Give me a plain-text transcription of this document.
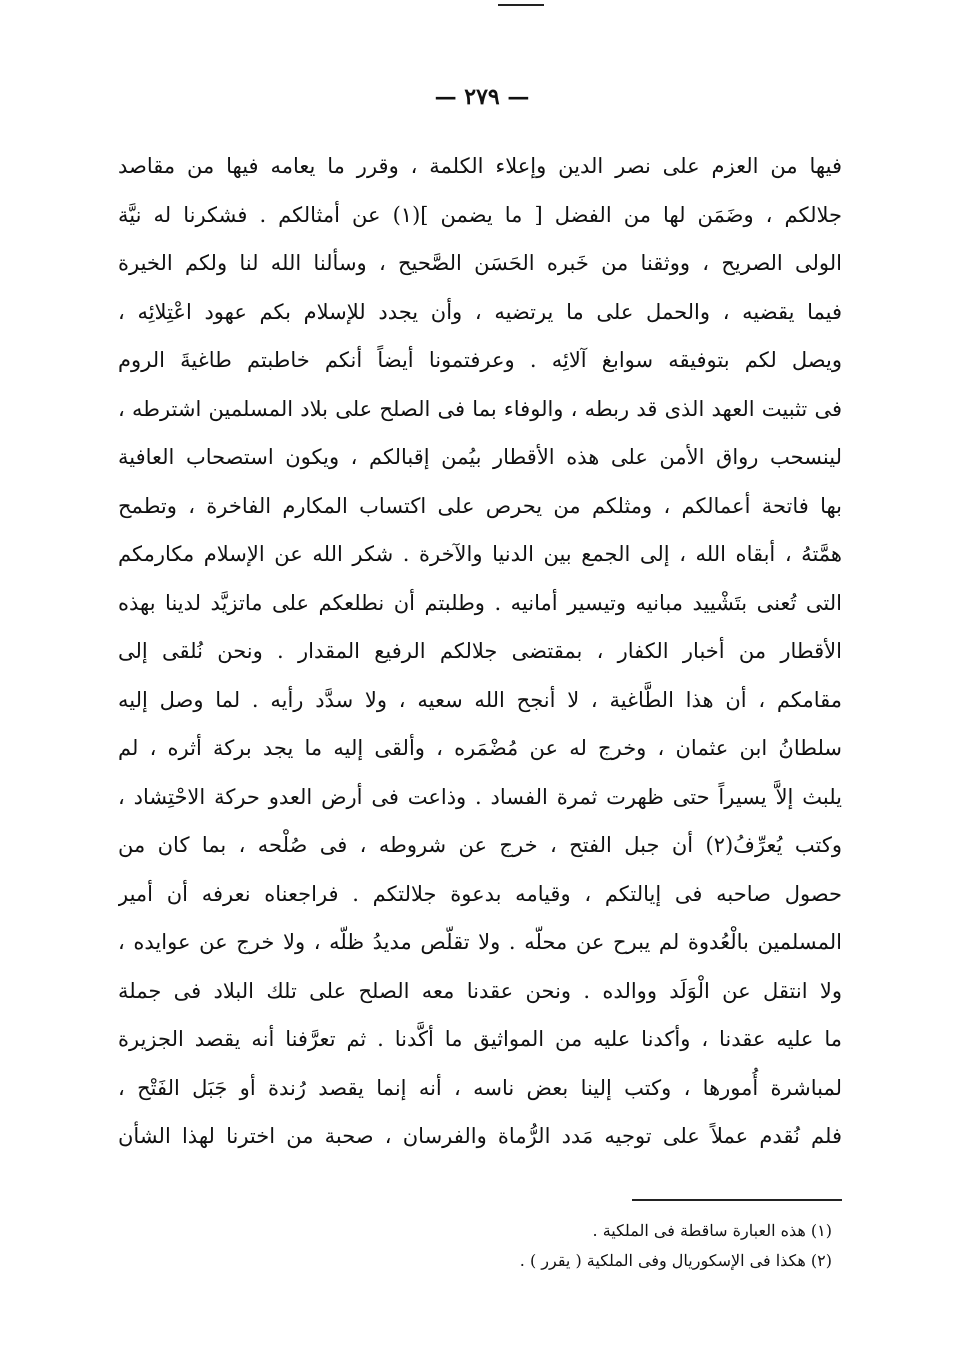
— ٢٧٩ —
فيها من العزم على نصر الدين وإعلاء الكلمة ، وقرر ما يعامه فيها من مقاصد
جلالكم ، وضَمَن لها من الفضل [ ما يضمن ](١) عن أمثالكم . فشكرنا له نيَّة
الولى الصريح ، ووثقنا من خَبره الحَسَن الصَّحيح ، وسألنا الله لنا ولكم الخيرة
فيما يقضيه ، والحمل على ما يرتضيه ، وأن يجدد للإسلام بكم عهود اعْتِلائِه ،
ويصل لكم بتوفيقه سوابغ آلائِه . وعرفتمونا أيضاً أنكم خاطبتم طاغيةَ الروم
فى تثبيت العهد الذى قد ربطه ، والوفاء بما فى الصلح على بلاد المسلمين اشترطه ،
لينسحب رواق الأمن على هذه الأقطار بيُمن إقبالكم ، ويكون استصحاب العافية
بها فاتحة أعمالكم ، ومثلكم من يحرص على اكتساب المكارم الفاخرة ، وتطمح
همَّتهُ ، أبقاه الله ، إلى الجمع بين الدنيا والآخرة . شكر الله عن الإسلام مكارمكم
التى تُعنى بتَشْييد مبانيه وتيسير أمانيه . وطلبتم أن نطلعكم على ماتزيَّد لدينا بهذه
الأقطار من أخبار الكفار ، بمقتضى جلالكم الرفيع المقدار . ونحن نُلقى إلى
مقامكم ، أن هذا الطَّاغية ، لا أنجح الله سعيه ، ولا سدَّد رأيه . لما وصل إليه
سلطانُ ابن عثمان ، وخرج له عن مُضْمَره ، وألقى إليه ما يجد بركة أثره ، لم
يلبث إلاَّ يسيراً حتى ظهرت ثمرة الفساد . وذاعت فى أرض العدو حركة الاحْتِشاد ،
وكتب يُعرِّفُ(٢) أن جبل الفتح ، خرج عن شروطه ، فى صُلْحه ، بما كان من
حصول صاحبه فى إيالتكم ، وقيامه بدعوة جلالتكم . فراجعناه نعرفه أن أمير
المسلمين بالْعُدوة لم يبرح عن محلّه . ولا تقلّص مديدُ ظلّه ، ولا خرج عن عوايده ،
ولا انتقل عن الْوَلَد ووالده . ونحن عقدنا معه الصلح على تلك البلاد فى جملة
ما عليه عقدنا ، وأكدنا عليه من المواثيق ما أكَّدنا . ثم تعرَّفنا أنه يقصد الجزيرة
لمباشرة أُمورها ، وكتب إلينا بعض ناسه ، أنه إنما يقصد رُندة أو جَبَل الفَتْح ،
فلم نُقدم عملاً على توجيه مَدد الرُّماة والفرسان ، صحبة من اخترنا لهذا الشأن
(١) هذه العبارة ساقطة فى الملكية .
(٢) هكذا فى الإسكوريال وفى الملكية ( يقرر ) .
